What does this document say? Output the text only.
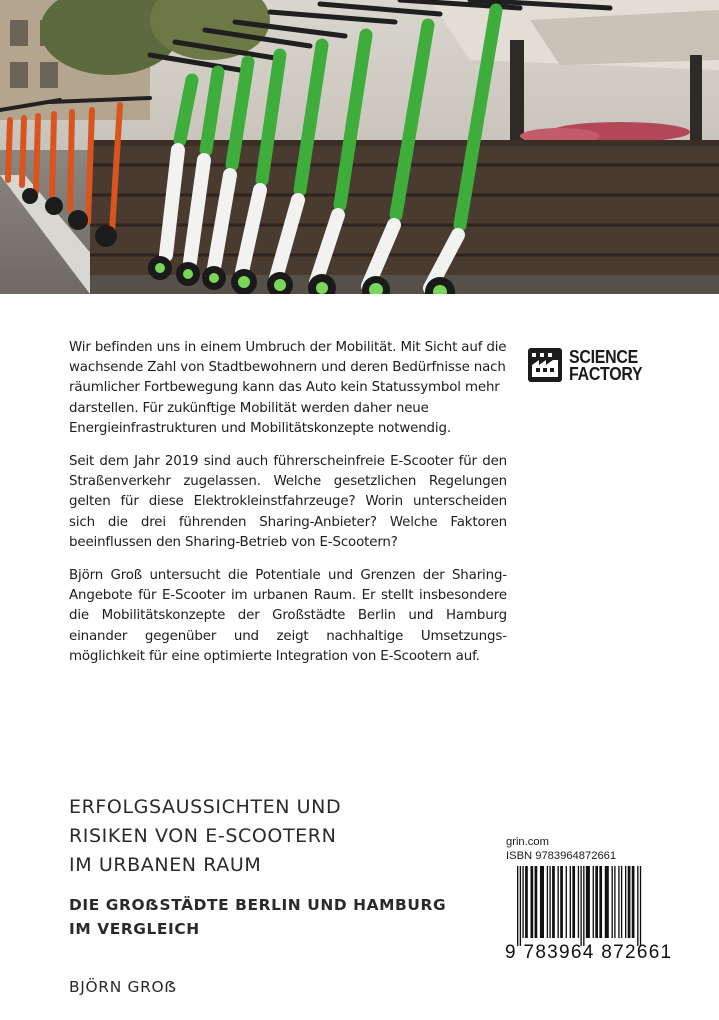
Wir befinden uns in einem Umbruch der Mobilität. Mit Sicht auf die wachsende Zahl von Stadtbewohnern und deren Bedürfnisse nach räumlicher Fortbewegung kann das Auto kein Statussymbol mehr darstellen. Für zukünftige Mobilität werden daher neue Energieinfrastrukturen und Mobilitätskonzepte notwendig.

Seit dem Jahr 2019 sind auch führerscheinfreie E-Scooter für den Straßenverkehr zugelassen. Welche gesetzlichen Regelungen gelten für diese Elektrokleinstfahrzeuge? Worin unterscheiden sich die drei führenden Sharing-Anbieter? Welche Faktoren beeinflussen den Sharing-Betrieb von E-Scootern?

Björn Groß untersucht die Potentiale und Grenzen der Sharing-Angebote für E-Scooter im urbanen Raum. Er stellt insbesondere die Mobilitätskonzepte der Großstädte Berlin und Hamburg einander gegenüber und zeigt nachhaltige Umsetzungsmöglichkeit für eine optimierte Integration von E-Scootern auf.

SCIENCE
FACTORY
ERFOLGSAUSSICHTEN UND
RISIKEN VON E-SCOOTERN
IM URBANEN RAUM
DIE GROẞSTÄDTE BERLIN UND HAMBURG
IM VERGLEICH
BJÖRN GROẞ
grin.com
ISBN 9783964872661
9 783964 872661
